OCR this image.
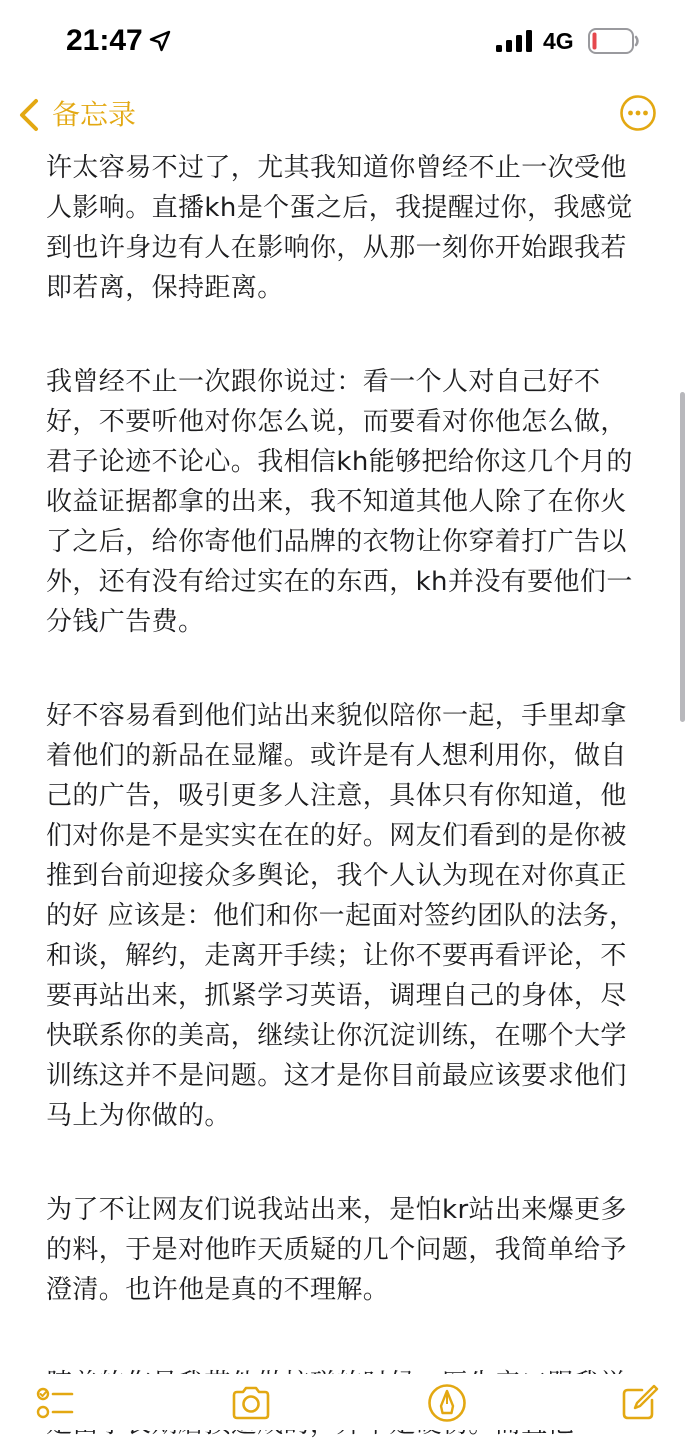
21:47	4G
备忘录

许太容易不过了，尤其我知道你曾经不止一次受他人影响。直播kh是个蛋之后，我提醒过你，我感觉到也许身边有人在影响你，从那一刻你开始跟我若即若离，保持距离。

我曾经不止一次跟你说过：看一个人对自己好不好，不要听他对你怎么说，而要看对你他怎么做，君子论迹不论心。我相信kh能够把给你这几个月的收益证据都拿的出来，我不知道其他人除了在你火了之后，给你寄他们品牌的衣物让你穿着打广告以外，还有没有给过实在的东西，kh并没有要他们一分钱广告费。

好不容易看到他们站出来貌似陪你一起，手里却拿着他们的新品在显耀。或许是有人想利用你，做自己的广告，吸引更多人注意，具体只有你知道，他们对你是不是实实在在的好。网友们看到的是你被推到台前迎接众多舆论，我个人认为现在对你真正的好 应该是：他们和你一起面对签约团队的法务，和谈，解约，走离开手续；让你不要再看评论，不要再站出来，抓紧学习英语，调理自己的身体，尽快联系你的美高，继续让你沉淀训练，在哪个大学训练这并不是问题。这才是你目前最应该要求他们马上为你做的。

为了不让网友们说我站出来，是怕kr站出来爆更多的料，于是对他昨天质疑的几个问题，我简单给予澄清。也许他是真的不理解。
